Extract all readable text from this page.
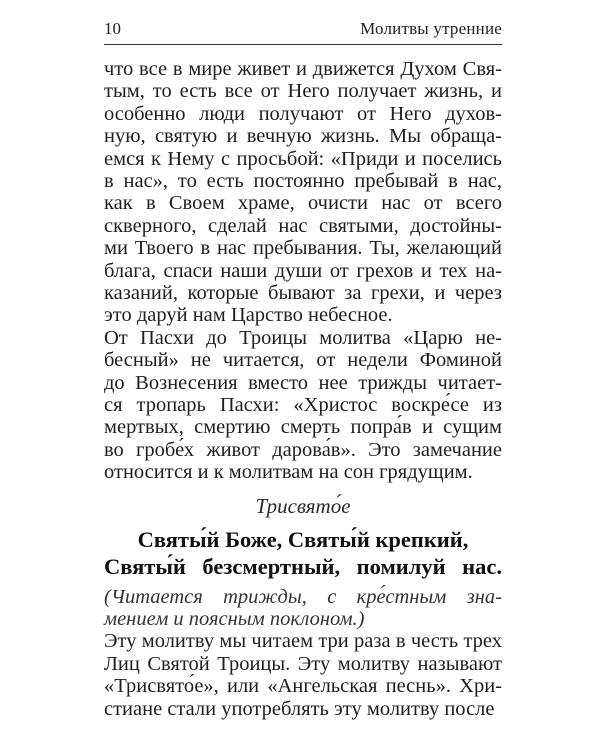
10	Молитвы утренние
что все в мире живет и движется Духом Свя-
тым, то есть все от Него получает жизнь, и
особенно люди получают от Него духов-
ную, святую и вечную жизнь. Мы обраща-
емся к Нему с просьбой: «Приди и поселись
в нас», то есть постоянно пребывай в нас,
как в Своем храме, очисти нас от всего
скверного, сделай нас святыми, достойны-
ми Твоего в нас пребывания. Ты, желающий
блага, спаси наши души от грехов и тех на-
казаний, которые бывают за грехи, и через
это даруй нам Царство небесное.
От Пасхи до Троицы молитва «Царю не-
бесный» не читается, от недели Фоминой
до Вознесения вместо нее трижды читает-
ся тропарь Пасхи: «Христос воскре́се из
мертвых, смертию смерть попра́в и сущим
во гробе́х живот дарова́в». Это замечание
относится и к молитвам на сон грядущим.
Трисвято́е
Святы́й Боже, Святы́й крепкий,
Святы́й безсмертный, помилуй нас.
(Читается трижды, с кре́стным зна-
мением и поясным поклоном.)
Эту молитву мы читаем три раза в честь трех
Лиц Святой Троицы. Эту молитву называют
«Трисвято́е», или «Ангельская песнь». Хри-
стиане стали употреблять эту молитву после
